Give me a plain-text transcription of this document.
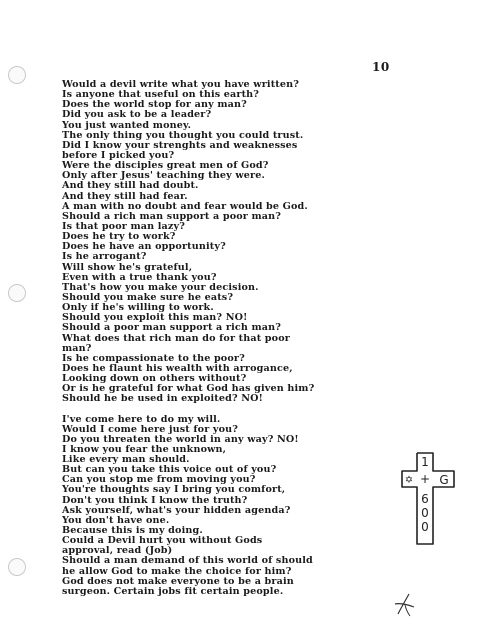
10
Would a devil write what you have written?
Is anyone that useful on this earth?
Does the world stop for any man?
Did you ask to be a leader?
You just wanted money.
The only thing you thought you could trust.
Did I know your strenghts and weaknesses
before I picked you?
Were the disciples great men of God?
Only after Jesus' teaching they were.
And they still had doubt.
And they still had fear.
A man with no doubt and fear would be God.
Should a rich man support a poor man?
Is that poor man lazy?
Does he try to work?
Does he have an opportunity?
Is he arrogant?
Will show he's grateful,
Even with a true thank you?
That's how you make your decision.
Should you make sure he eats?
Only if he's willing to work.
Should you exploit this man? NO!
Should a poor man support a rich man?
What does that rich man do for that poor
man?
Is he compassionate to the poor?
Does he flaunt his wealth with arrogance,
Looking down on others without?
Or is he grateful for what God has given him?
Should he be used in exploited? NO!
I've come here to do my will.
Would I come here just for you?
Do you threaten the world in any way? NO!
I know you fear the unknown,
Like every man should.
But can you take this voice out of you?
Can you stop me from moving you?
You're thoughts say I bring you comfort,
Don't you think I know the truth?
Ask yourself, what's your hidden agenda?
You don't have one.
Because this is my doing.
Could a Devil hurt you without Gods
approval, read (Job)
Should a man demand of this world of should
he allow God to make the choice for him?
God does not make everyone to be a brain
surgeon. Certain jobs fit certain people.
1
✡ + G
6
0
0
